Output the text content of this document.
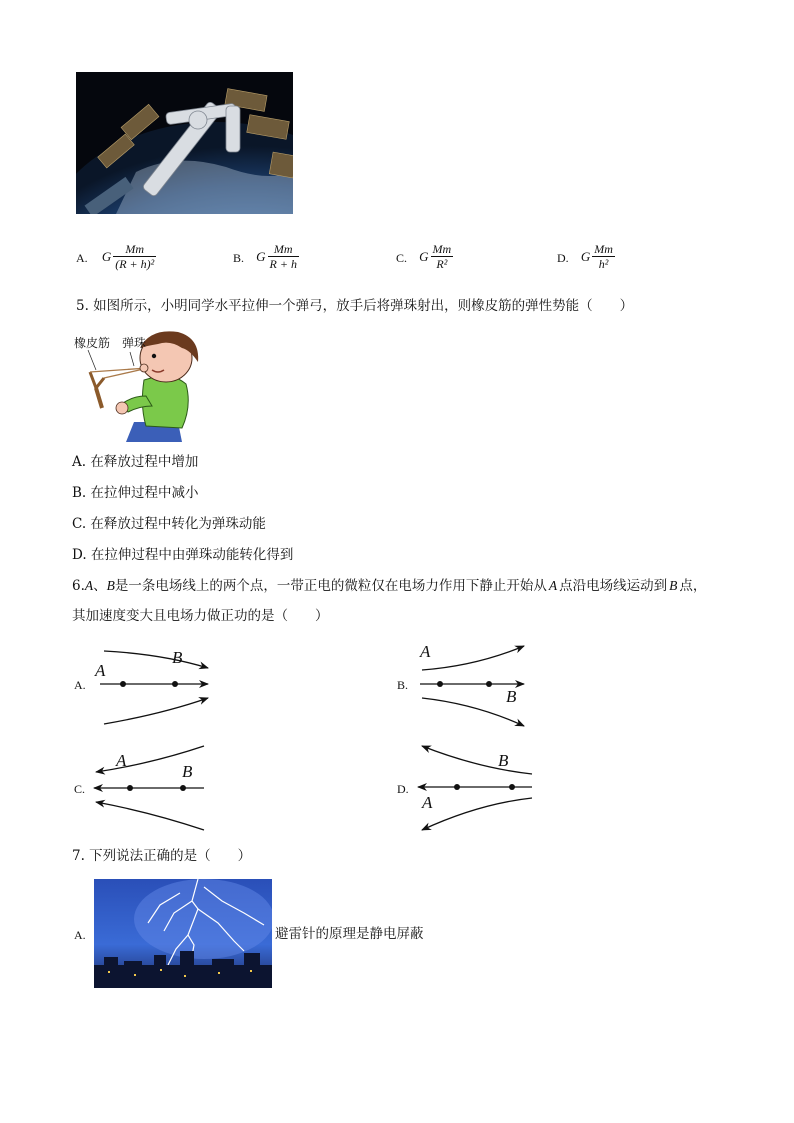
A. G $\frac{Mm}{\text{(R + h)²}}$	B. G $\frac{Mm}{R + h}$	C. G $\frac{Mm}{\text{R²}}$	D. G $\frac{Mm}{\text{h²}}$
5. 如图所示，小明同学水平拉伸一个弹弓，放手后将弹珠射出，则橡皮筋的弹性势能（　　）
橡皮筋 弹珠
A. 在释放过程中增加
B. 在拉伸过程中减小
C. 在释放过程中转化为弹珠动能
D. 在拉伸过程中由弹珠动能转化得到
6.A、B是一条电场线上的两个点，一带正电的微粒仅在电场力作用下静止开始从 A 点沿电场线运动到 B 点，
其加速度变大且电场力做正功的是（　　）
A.
A
B
B.
A
B
C.
A
B
D.
A
B
7. 下列说法正确的是（　　）
A.	避雷针的原理是静电屏蔽
